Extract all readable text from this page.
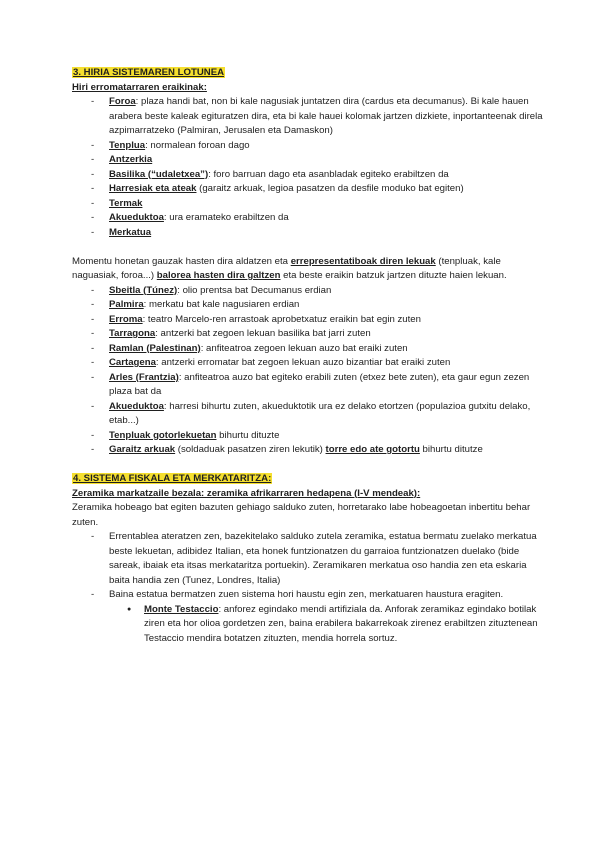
3. HIRIA SISTEMAREN LOTUNEA

Hiri erromatarraren eraikinak:

- Foroa: plaza handi bat, non bi kale nagusiak juntatzen dira (cardus eta decumanus). Bi kale hauen arabera beste kaleak egituratzen dira, eta bi kale hauei kolomak jartzen dizkiete, inportanteenak direla azpimarratzeko (Palmiran, Jerusalen eta Damaskon)
- Tenplua: normalean foroan dago
- Antzerkia
- Basilika (“udaletxea”): foro barruan dago eta asanbladak egiteko erabiltzen da
- Harresiak eta ateak (garaitz arkuak, legioa pasatzen da desfile moduko bat egiten)
- Termak
- Akueduktoa: ura eramateko erabiltzen da
- Merkatua

Momentu honetan gauzak hasten dira aldatzen eta errepresentatiboak diren lekuak (tenpluak, kale naguasiak, foroa...) balorea hasten dira galtzen eta beste eraikin batzuk jartzen dituzte haien lekuan.

- Sbeitla (Túnez): olio prentsa bat Decumanus erdian
- Palmira: merkatu bat kale nagusiaren erdian
- Erroma: teatro Marcelo-ren arrastoak aprobetxatuz eraikin bat egin zuten
- Tarragona: antzerki bat zegoen lekuan basilika bat jarri zuten
- Ramlan (Palestinan): anfiteatroa zegoen lekuan auzo bat eraiki zuten
- Cartagena: antzerki erromatar bat zegoen lekuan auzo bizantiar bat eraiki zuten
- Arles (Frantzia): anfiteatroa auzo bat egiteko erabili zuten (etxez bete zuten), eta gaur egun zezen plaza bat da
- Akueduktoa: harresi bihurtu zuten, akueduktotik ura ez delako etortzen (populazioa gutxitu delako, etab...)
- Tenpluak gotorlekuetan bihurtu dituzte
- Garaitz arkuak (soldaduak pasatzen ziren lekutik) torre edo ate gotortu bihurtu ditutze

4. SISTEMA FISKALA ETA MERKATARITZA:

Zeramika markatzaile bezala: zeramika afrikarraren hedapena (I-V mendeak):

Zeramika hobeago bat egiten bazuten gehiago salduko zuten, horretarako labe hobeagoetan inbertitu behar zuten.

- Errentablea ateratzen zen, bazekitelako salduko zutela zeramika, estatua bermatu zuelako merkatua beste lekuetan, adibidez Italian, eta honek funtzionatzen du garraioa funtzionatzen duelako (bide sareak, ibaiak eta itsas merkataritza portuekin). Zeramikaren merkatua oso handia zen eta eskaria baita handia zen (Tunez, Londres, Italia)
- Baina estatua bermatzen zuen sistema hori haustu egin zen, merkatuaren haustura eragiten.
● Monte Testaccio: anforez egindako mendi artifiziala da. Anforak zeramikaz egindako botilak ziren eta hor olioa gordetzen zen, baina erabilera bakarrekoak zirenez erabiltzen zituztenean Testaccio mendira botatzen zituzten, mendia horrela sortuz.
